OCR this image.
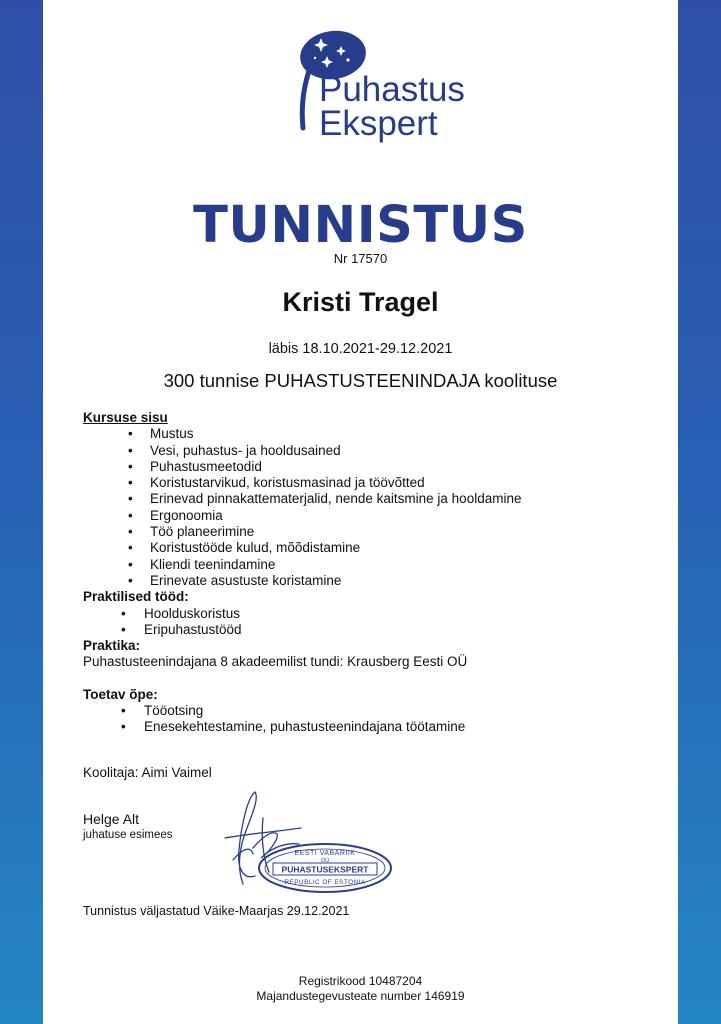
Puhastus
Ekspert
TUNNISTUS
Nr 17570
Kristi Tragel
läbis 18.10.2021-29.12.2021
300 tunnise PUHASTUSTEENINDAJA koolituse

Kursuse sisu

• Mustus
• Vesi, puhastus- ja hooldusained
• Puhastusmeetodid
• Koristustarvikud, koristusmasinad ja töövõtted
• Erinevad pinnakattematerjalid, nende kaitsmine ja hooldamine
• Ergonoomia
• Töö planeerimine
• Koristustööde kulud, mõõdistamine
• Kliendi teenindamine
• Erinevate asustuste koristamine

Praktilised tööd:

• Hoolduskoristus
• Eripuhastustööd

Praktika:

Puhastusteenindajana 8 akadeemilist tundi: Krausberg Eesti OÜ

Toetav õpe:

• Tööotsing
• Enesekehtestamine, puhastusteenindajana töötamine
Koolitaja: Aimi Vaimel
Helge Alt
juhatuse esimees
EESTI VABARIIK
OÜ
PUHASTUSEKSPERT
REPUBLIC OF ESTONIA
Tunnistus väljastatud Väike-Maarjas 29.12.2021
Registrikood 10487204
Majandustegevusteate number 146919
